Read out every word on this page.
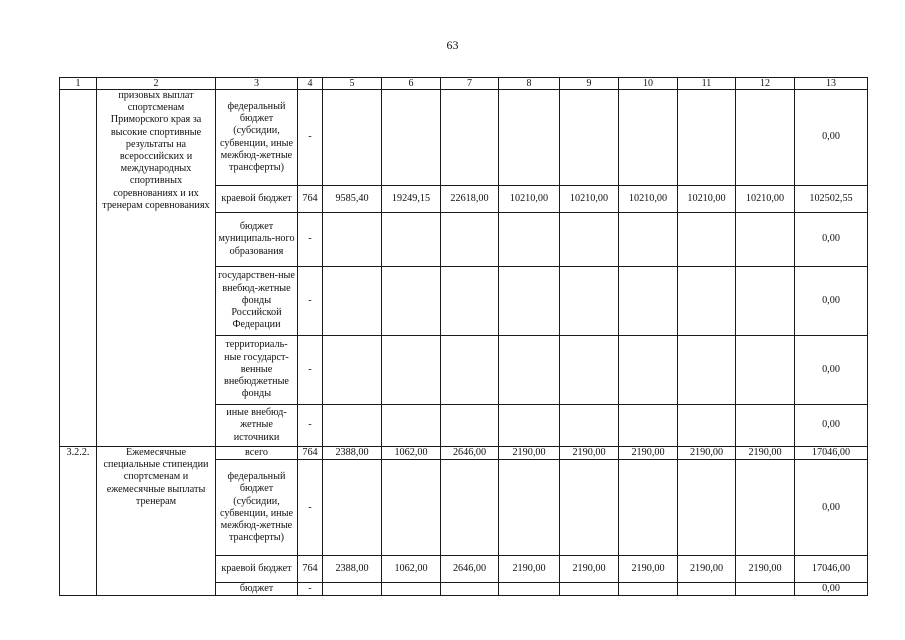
63
1	2	3	4	5	6	7	8	9	10	11	12	13
	призовых выплат спортсменам Приморского края за высокие спортивные результаты на всероссийских и международных спортивных соревнованиях и их тренерам соревнованиях	федеральный бюджет (субсидии, субвенции, иные межбюд-жетные трансферты)	-									0,00
		краевой бюджет	764	9585,40	19249,15	22618,00	10210,00	10210,00	10210,00	10210,00	10210,00	102502,55
		бюджет муниципаль-ного образования	-									0,00
		государствен-ные внебюд-жетные фонды Российской Федерации	-									0,00
		территориаль-ные государст-венные внебюджетные фонды	-									0,00
		иные внебюд-жетные источники	-									0,00
3.2.2.	Ежемесячные специальные стипендии спортсменам и ежемесячные выплаты тренерам	всего	764	2388,00	1062,00	2646,00	2190,00	2190,00	2190,00	2190,00	2190,00	17046,00
		федеральный бюджет (субсидии, субвенции, иные межбюд-жетные трансферты)	-									0,00
		краевой бюджет	764	2388,00	1062,00	2646,00	2190,00	2190,00	2190,00	2190,00	2190,00	17046,00
		бюджет	-									0,00
